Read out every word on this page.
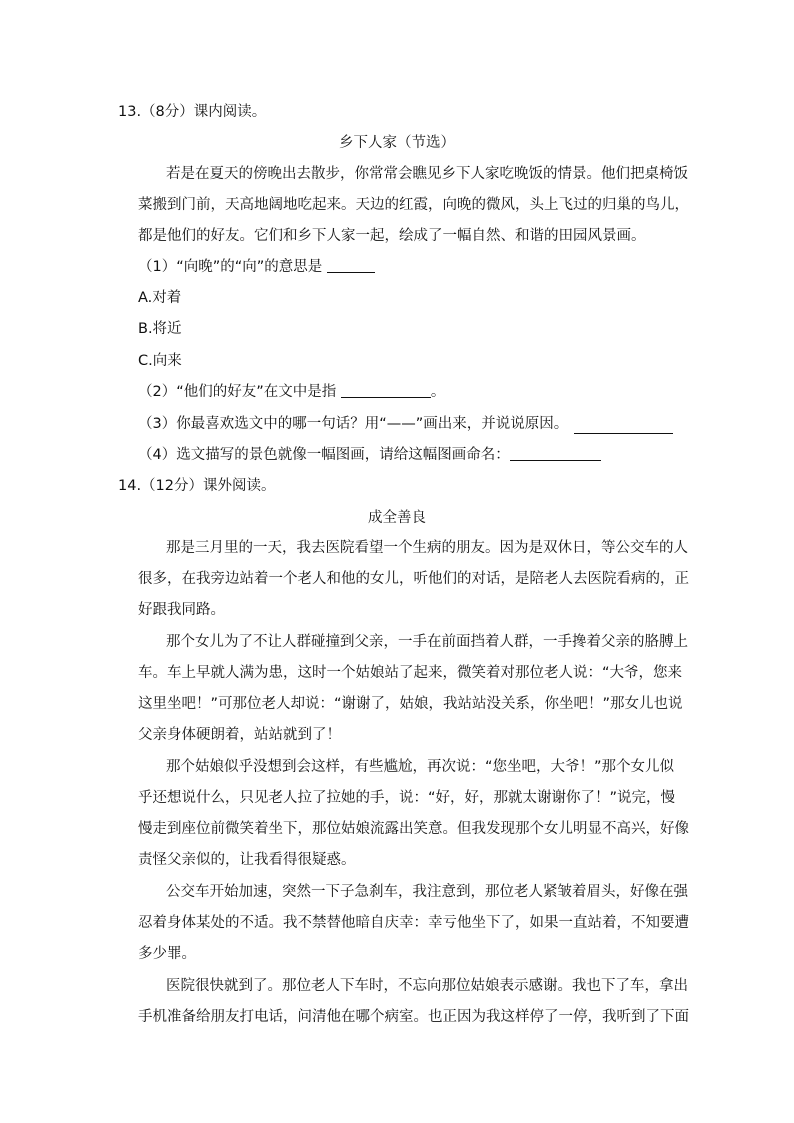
13.（8分）课内阅读。
乡下人家（节选）
若是在夏天的傍晚出去散步，你常常会瞧见乡下人家吃晚饭的情景。他们把桌椅饭
菜搬到门前，天高地阔地吃起来。天边的红霞，向晚的微风，头上飞过的归巢的鸟儿，
都是他们的好友。它们和乡下人家一起，绘成了一幅自然、和谐的田园风景画。
（1）“向晚”的“向”的意思是
A.对着
B.将近
C.向来
（2）“他们的好友”在文中是指	。
（3）你最喜欢选文中的哪一句话？用“——”画出来，并说说原因。
（4）选文描写的景色就像一幅图画，请给这幅图画命名：
14.（12分）课外阅读。
成全善良
那是三月里的一天，我去医院看望一个生病的朋友。因为是双休日，等公交车的人
很多，在我旁边站着一个老人和他的女儿，听他们的对话，是陪老人去医院看病的，正
好跟我同路。
那个女儿为了不让人群碰撞到父亲，一手在前面挡着人群，一手搀着父亲的胳膊上
车。车上早就人满为患，这时一个姑娘站了起来，微笑着对那位老人说：“大爷，您来
这里坐吧！”可那位老人却说：“谢谢了，姑娘，我站站没关系，你坐吧！”那女儿也说
父亲身体硬朗着，站站就到了！
那个姑娘似乎没想到会这样，有些尴尬，再次说：“您坐吧，大爷！”那个女儿似
乎还想说什么，只见老人拉了拉她的手，说：“好，好，那就太谢谢你了！”说完，慢
慢走到座位前微笑着坐下，那位姑娘流露出笑意。但我发现那个女儿明显不高兴，好像
责怪父亲似的，让我看得很疑惑。
公交车开始加速，突然一下子急刹车，我注意到，那位老人紧皱着眉头，好像在强
忍着身体某处的不适。我不禁替他暗自庆幸：幸亏他坐下了，如果一直站着，不知要遭
多少罪。
医院很快就到了。那位老人下车时，不忘向那位姑娘表示感谢。我也下了车，拿出
手机准备给朋友打电话，问清他在哪个病室。也正因为我这样停了一停，我听到了下面
